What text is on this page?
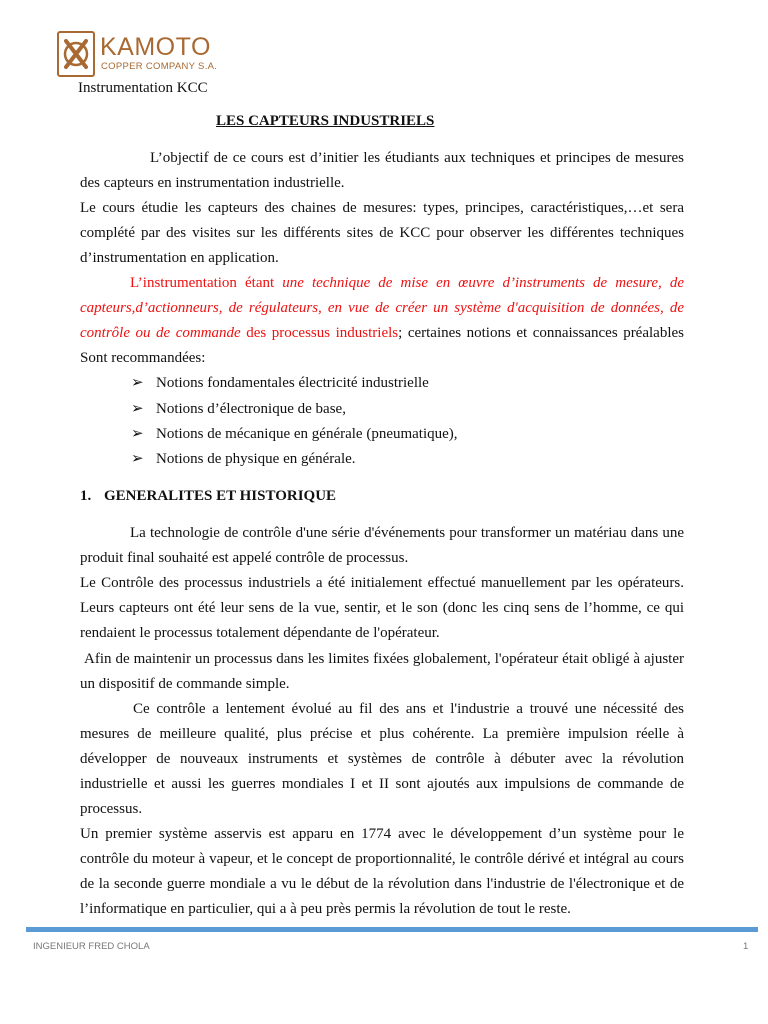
KAMOTO
COPPER COMPANY S.A.
Instrumentation KCC
LES CAPTEURS INDUSTRIELS

L’objectif de ce cours est d’initier les étudiants aux techniques et principes de mesures des capteurs en instrumentation industrielle.

Le cours étudie les capteurs des chaines de mesures: types, principes, caractéristiques,…et sera complété par des visites sur les différents sites de KCC pour observer les différentes techniques d’instrumentation en application.

L’instrumentation étant une technique de mise en œuvre d’instruments de mesure, de capteurs,d’actionneurs, de régulateurs, en vue de créer un système d'acquisition de données, de contrôle ou de commande des processus industriels; certaines notions et connaissances préalables Sont recommandées:

➢ Notions fondamentales électricité industrielle
➢ Notions d’électronique de base,
➢ Notions de mécanique en générale (pneumatique),
➢ Notions de physique en générale.
1. GENERALITES ET HISTORIQUE

La technologie de contrôle d'une série d'événements pour transformer un matériau dans une produit final souhaité est appelé contrôle de processus.

Le Contrôle des processus industriels a été initialement effectué manuellement par les opérateurs. Leurs capteurs ont été leur sens de la vue, sentir, et le son (donc les cinq sens de l’homme, ce qui rendaient le processus totalement dépendante de l'opérateur.

Afin de maintenir un processus dans les limites fixées globalement, l'opérateur était obligé à ajuster un dispositif de commande simple.

Ce contrôle a lentement évolué au fil des ans et l'industrie a trouvé une nécessité des mesures de meilleure qualité, plus précise et plus cohérente. La première impulsion réelle à développer de nouveaux instruments et systèmes de contrôle à débuter avec la révolution industrielle et aussi les guerres mondiales I et II sont ajoutés aux impulsions de commande de processus.

Un premier système asservis est apparu en 1774 avec le développement d’un système pour le contrôle du moteur à vapeur, et le concept de proportionnalité, le contrôle dérivé et intégral au cours de la seconde guerre mondiale a vu le début de la révolution dans l'industrie de l'électronique et de l’informatique en particulier, qui a à peu près permis la révolution de tout le reste.

INGENIEUR FRED CHOLA	1
